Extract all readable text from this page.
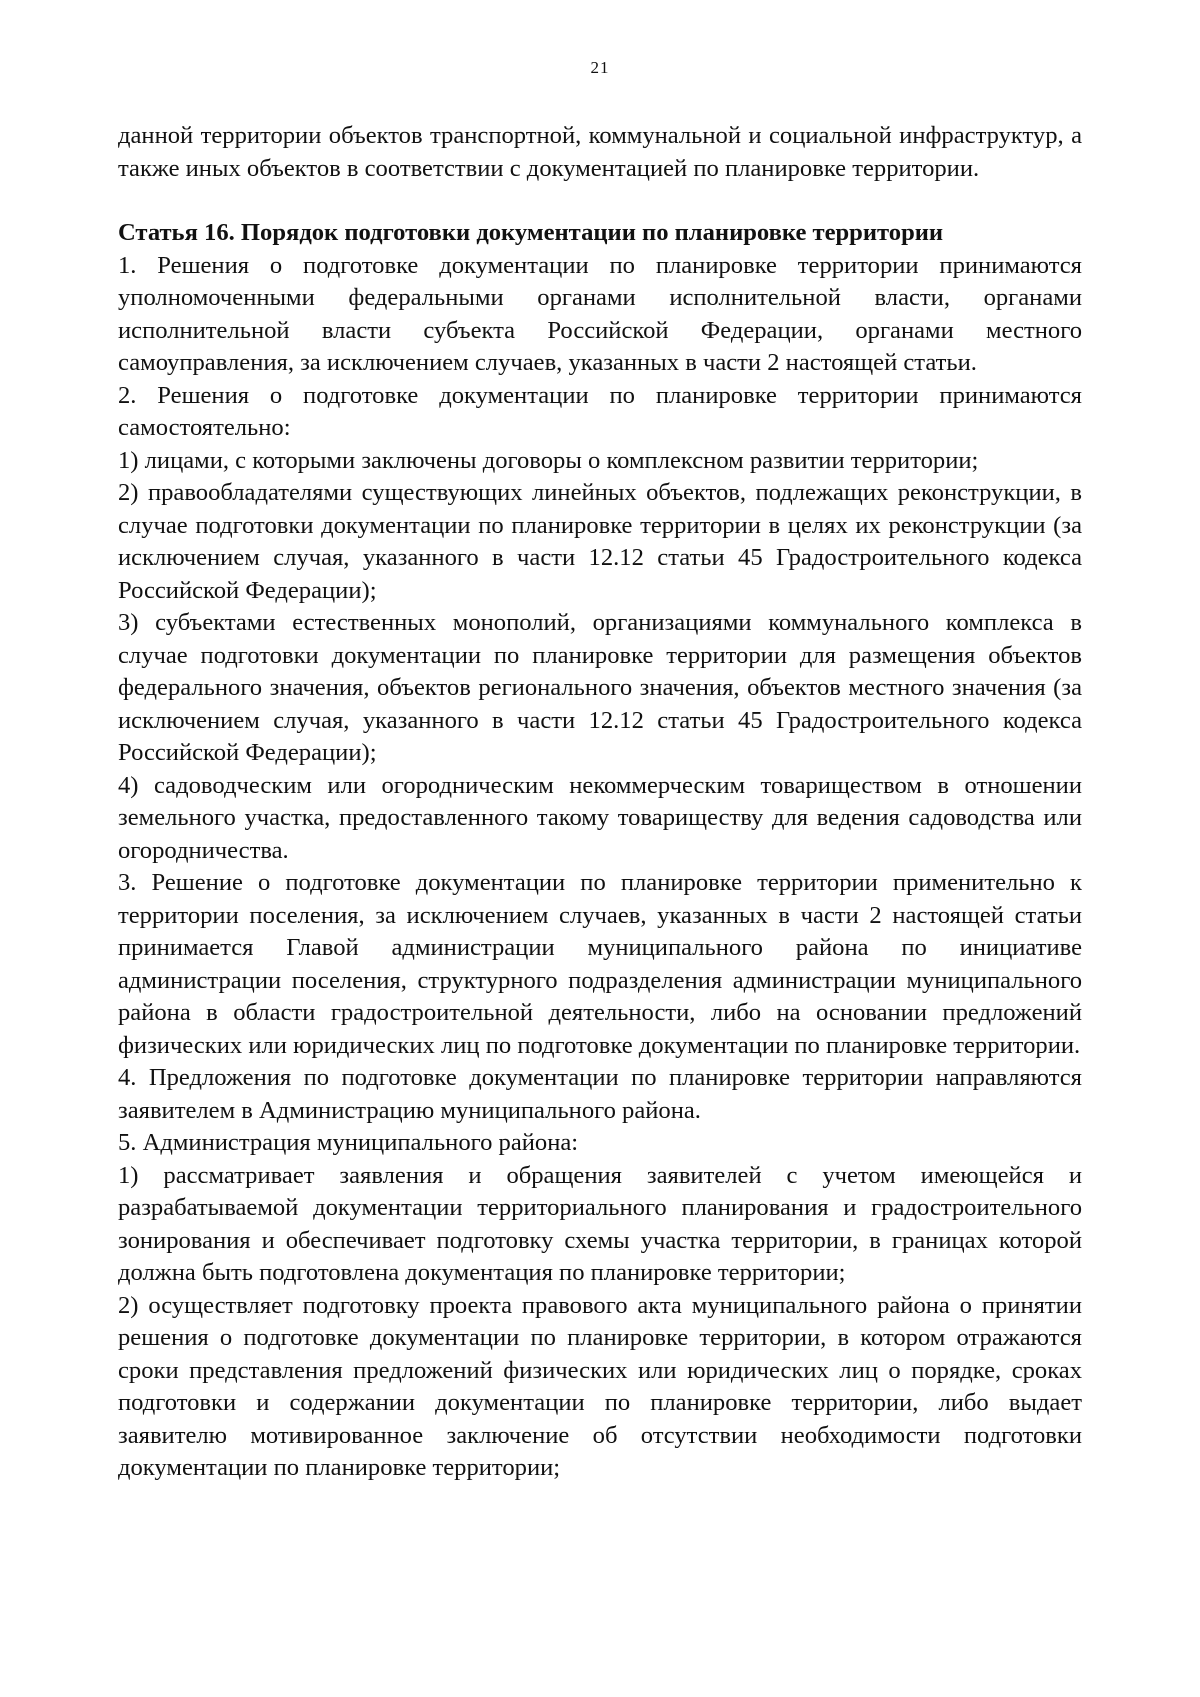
21

данной территории объектов транспортной, коммунальной и социальной инфраструктур, а также иных объектов в соответствии с документацией по планировке территории.

Статья 16. Порядок подготовки документации по планировке территории

1. Решения о подготовке документации по планировке территории принимаются уполномоченными федеральными органами исполнительной власти, органами исполнительной власти субъекта Российской Федерации, органами местного самоуправления, за исключением случаев, указанных в части 2 настоящей статьи.

2. Решения о подготовке документации по планировке территории принимаются самостоятельно:

1) лицами, с которыми заключены договоры о комплексном развитии территории;

2) правообладателями существующих линейных объектов, подлежащих реконструкции, в случае подготовки документации по планировке территории в целях их реконструкции (за исключением случая, указанного в части 12.12 статьи 45 Градостроительного кодекса Российской Федерации);

3) субъектами естественных монополий, организациями коммунального комплекса в случае подготовки документации по планировке территории для размещения объектов федерального значения, объектов регионального значения, объектов местного значения (за исключением случая, указанного в части 12.12 статьи 45 Градостроительного кодекса Российской Федерации);

4) садоводческим или огородническим некоммерческим товариществом в отношении земельного участка, предоставленного такому товариществу для ведения садоводства или огородничества.

3. Решение о подготовке документации по планировке территории применительно к территории поселения, за исключением случаев, указанных в части 2 настоящей статьи принимается Главой администрации муниципального района по инициативе администрации поселения, структурного подразделения администрации муниципального района в области градостроительной деятельности, либо на основании предложений физических или юридических лиц по подготовке документации по планировке территории.

4. Предложения по подготовке документации по планировке территории направляются заявителем в Администрацию муниципального района.

5. Администрация муниципального района:

1) рассматривает заявления и обращения заявителей с учетом имеющейся и разрабатываемой документации территориального планирования и градостроительного зонирования и обеспечивает подготовку схемы участка территории, в границах которой должна быть подготовлена документация по планировке территории;

2) осуществляет подготовку проекта правового акта муниципального района о принятии решения о подготовке документации по планировке территории, в котором отражаются сроки представления предложений физических или юридических лиц о порядке, сроках подготовки и содержании документации по планировке территории, либо выдает заявителю мотивированное заключение об отсутствии необходимости подготовки документации по планировке территории;
